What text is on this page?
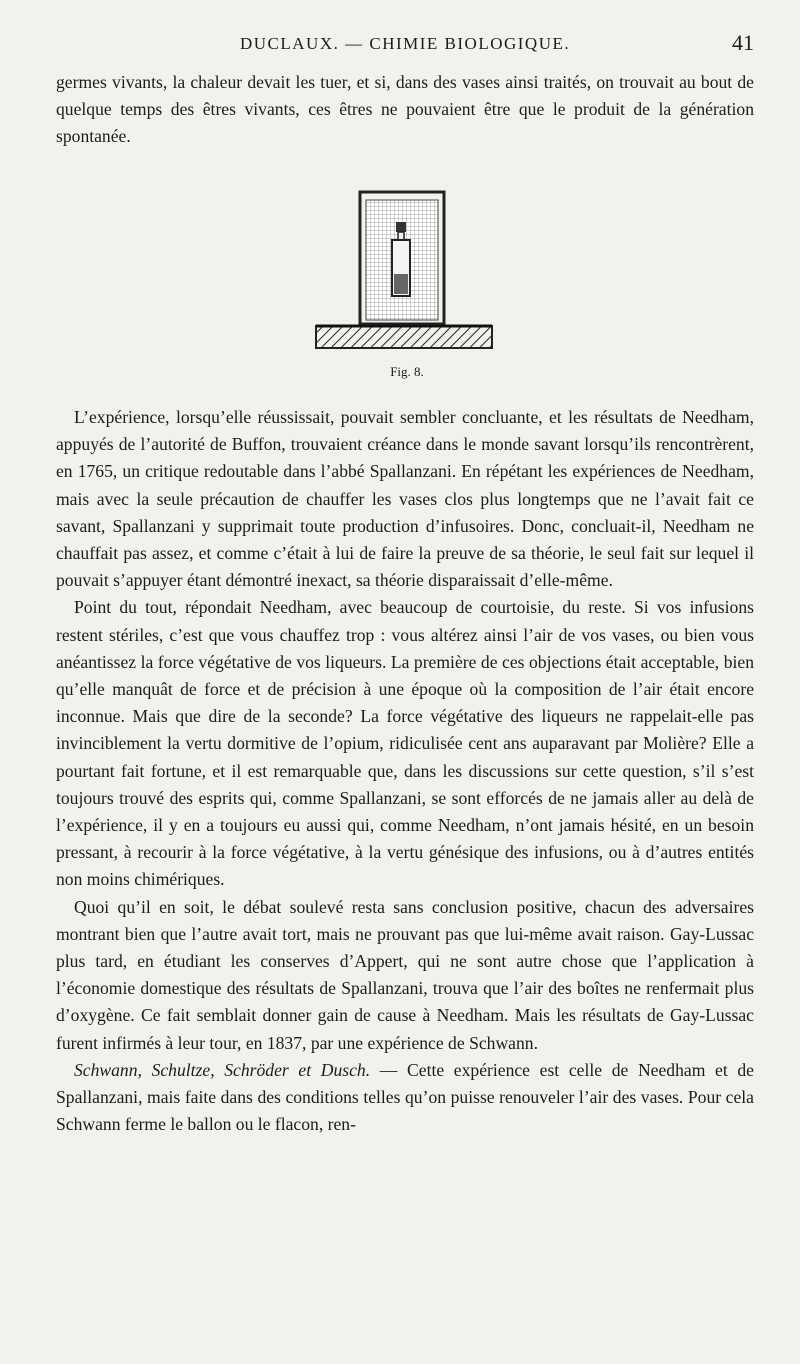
DUCLAUX. — CHIMIE BIOLOGIQUE.	41

germes vivants, la chaleur devait les tuer, et si, dans des vases ainsi traités, on trouvait au bout de quelque temps des êtres vivants, ces êtres ne pouvaient être que le produit de la génération spontanée.

Fig. 8.

L’expérience, lorsqu’elle réussissait, pouvait sembler concluante, et les résultats de Needham, appuyés de l’autorité de Buffon, trouvaient créance dans le monde savant lorsqu’ils rencontrèrent, en 1765, un critique redoutable dans l’abbé Spallanzani. En répétant les expériences de Needham, mais avec la seule précaution de chauffer les vases clos plus longtemps que ne l’avait fait ce savant, Spallanzani y supprimait toute production d’infusoires. Donc, concluait-il, Needham ne chauffait pas assez, et comme c’était à lui de faire la preuve de sa théorie, le seul fait sur lequel il pouvait s’appuyer étant démontré inexact, sa théorie disparaissait d’elle-même.

Point du tout, répondait Needham, avec beaucoup de courtoisie, du reste. Si vos infusions restent stériles, c’est que vous chauffez trop : vous altérez ainsi l’air de vos vases, ou bien vous anéantissez la force végétative de vos liqueurs. La première de ces objections était acceptable, bien qu’elle manquât de force et de précision à une époque où la composition de l’air était encore inconnue. Mais que dire de la seconde? La force végétative des liqueurs ne rappelait-elle pas invinciblement la vertu dormitive de l’opium, ridiculisée cent ans auparavant par Molière? Elle a pourtant fait fortune, et il est remarquable que, dans les discussions sur cette question, s’il s’est toujours trouvé des esprits qui, comme Spallanzani, se sont efforcés de ne jamais aller au delà de l’expérience, il y en a toujours eu aussi qui, comme Needham, n’ont jamais hésité, en un besoin pressant, à recourir à la force végétative, à la vertu génésique des infusions, ou à d’autres entités non moins chimériques.

Quoi qu’il en soit, le débat soulevé resta sans conclusion positive, chacun des adversaires montrant bien que l’autre avait tort, mais ne prouvant pas que lui-même avait raison. Gay-Lussac plus tard, en étudiant les conserves d’Appert, qui ne sont autre chose que l’application à l’économie domestique des résultats de Spallanzani, trouva que l’air des boîtes ne renfermait plus d’oxygène. Ce fait semblait donner gain de cause à Needham. Mais les résultats de Gay-Lussac furent infirmés à leur tour, en 1837, par une expérience de Schwann.

Schwann, Schultze, Schröder et Dusch. — Cette expérience est celle de Needham et de Spallanzani, mais faite dans des conditions telles qu’on puisse renouveler l’air des vases. Pour cela Schwann ferme le ballon ou le flacon, ren-
